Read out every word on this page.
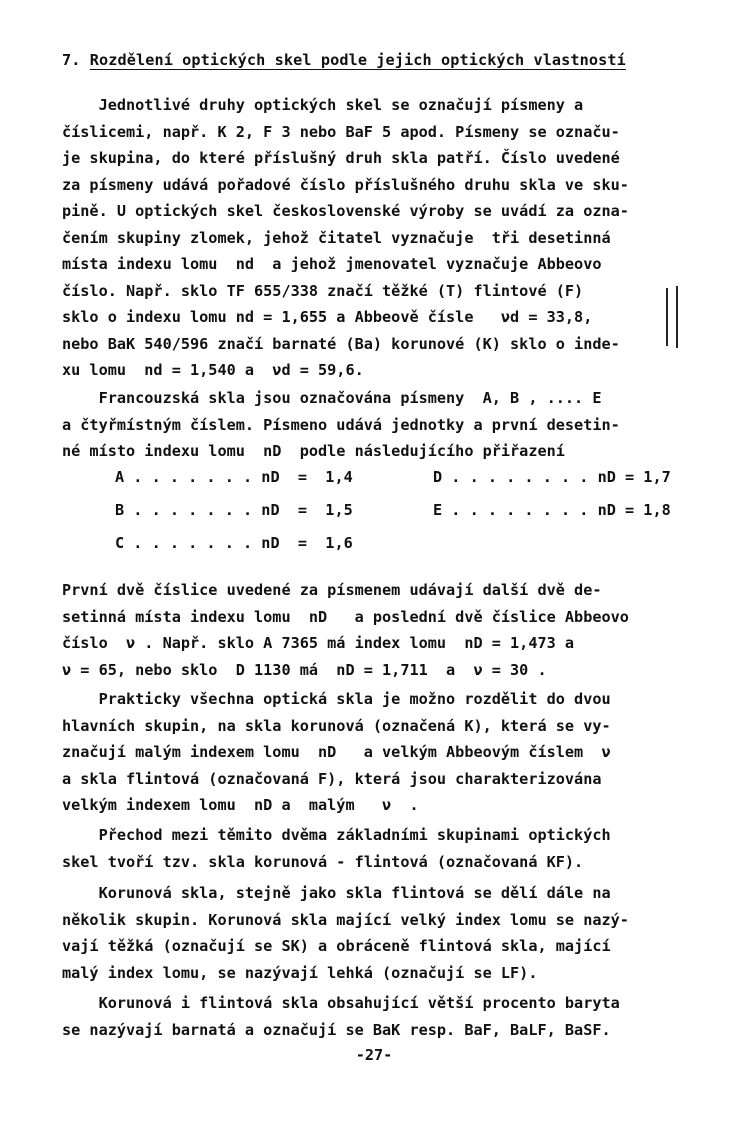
7. Rozdělení optických skel podle jejich optických vlastností
Jednotlivé druhy optických skel se označují písmeny a
číslicemi, např. K 2, F 3 nebo BaF 5 apod. Písmeny se označu-
je skupina, do které příslušný druh skla patří. Číslo uvedené
za písmeny udává pořadové číslo příslušného druhu skla ve sku-
pině. U optických skel československé výroby se uvádí za ozna-
čením skupiny zlomek, jehož čitatel vyznačuje  tři desetinná
místa indexu lomu  nd  a jehož jmenovatel vyznačuje Abbeovo
číslo. Např. sklo TF 655/338 značí těžké (T) flintové (F)
sklo o indexu lomu nd = 1,655 a Abbeově čísle   νd = 33,8,
nebo BaK 540/596 značí barnaté (Ba) korunové (K) sklo o inde-
xu lomu  nd = 1,540 a  νd = 59,6.
Francouzská skla jsou označována písmeny  A, B , .... E
a čtyřmístným číslem. Písmeno udává jednotky a první desetin-
né místo indexu lomu  nD  podle následujícího přiřazení
A . . . . . . . nD  =  1,4	D . . . . . . . . nD = 1,7
B . . . . . . . nD  =  1,5	E . . . . . . . . nD = 1,8
C . . . . . . . nD  =  1,6
První dvě číslice uvedené za písmenem udávají další dvě de-
setinná místa indexu lomu  nD   a poslední dvě číslice Abbeovo
číslo  ν . Např. sklo A 7365 má index lomu  nD = 1,473 a
ν = 65, nebo sklo  D 1130 má  nD = 1,711  a  ν = 30 .
Prakticky všechna optická skla je možno rozdělit do dvou
hlavních skupin, na skla korunová (označená K), která se vy-
značují malým indexem lomu  nD   a velkým Abbeovým číslem  ν
a skla flintová (označovaná F), která jsou charakterizována
velkým indexem lomu  nD a  malým   ν  .
Přechod mezi těmito dvěma základními skupinami optických
skel tvoří tzv. skla korunová - flintová (označovaná KF).
Korunová skla, stejně jako skla flintová se dělí dále na
několik skupin. Korunová skla mající velký index lomu se nazý-
vají těžká (označují se SK) a obráceně flintová skla, mající
malý index lomu, se nazývají lehká (označují se LF).
Korunová i flintová skla obsahující větší procento baryta
se nazývají barnatá a označují se BaK resp. BaF, BaLF, BaSF.
-27-
